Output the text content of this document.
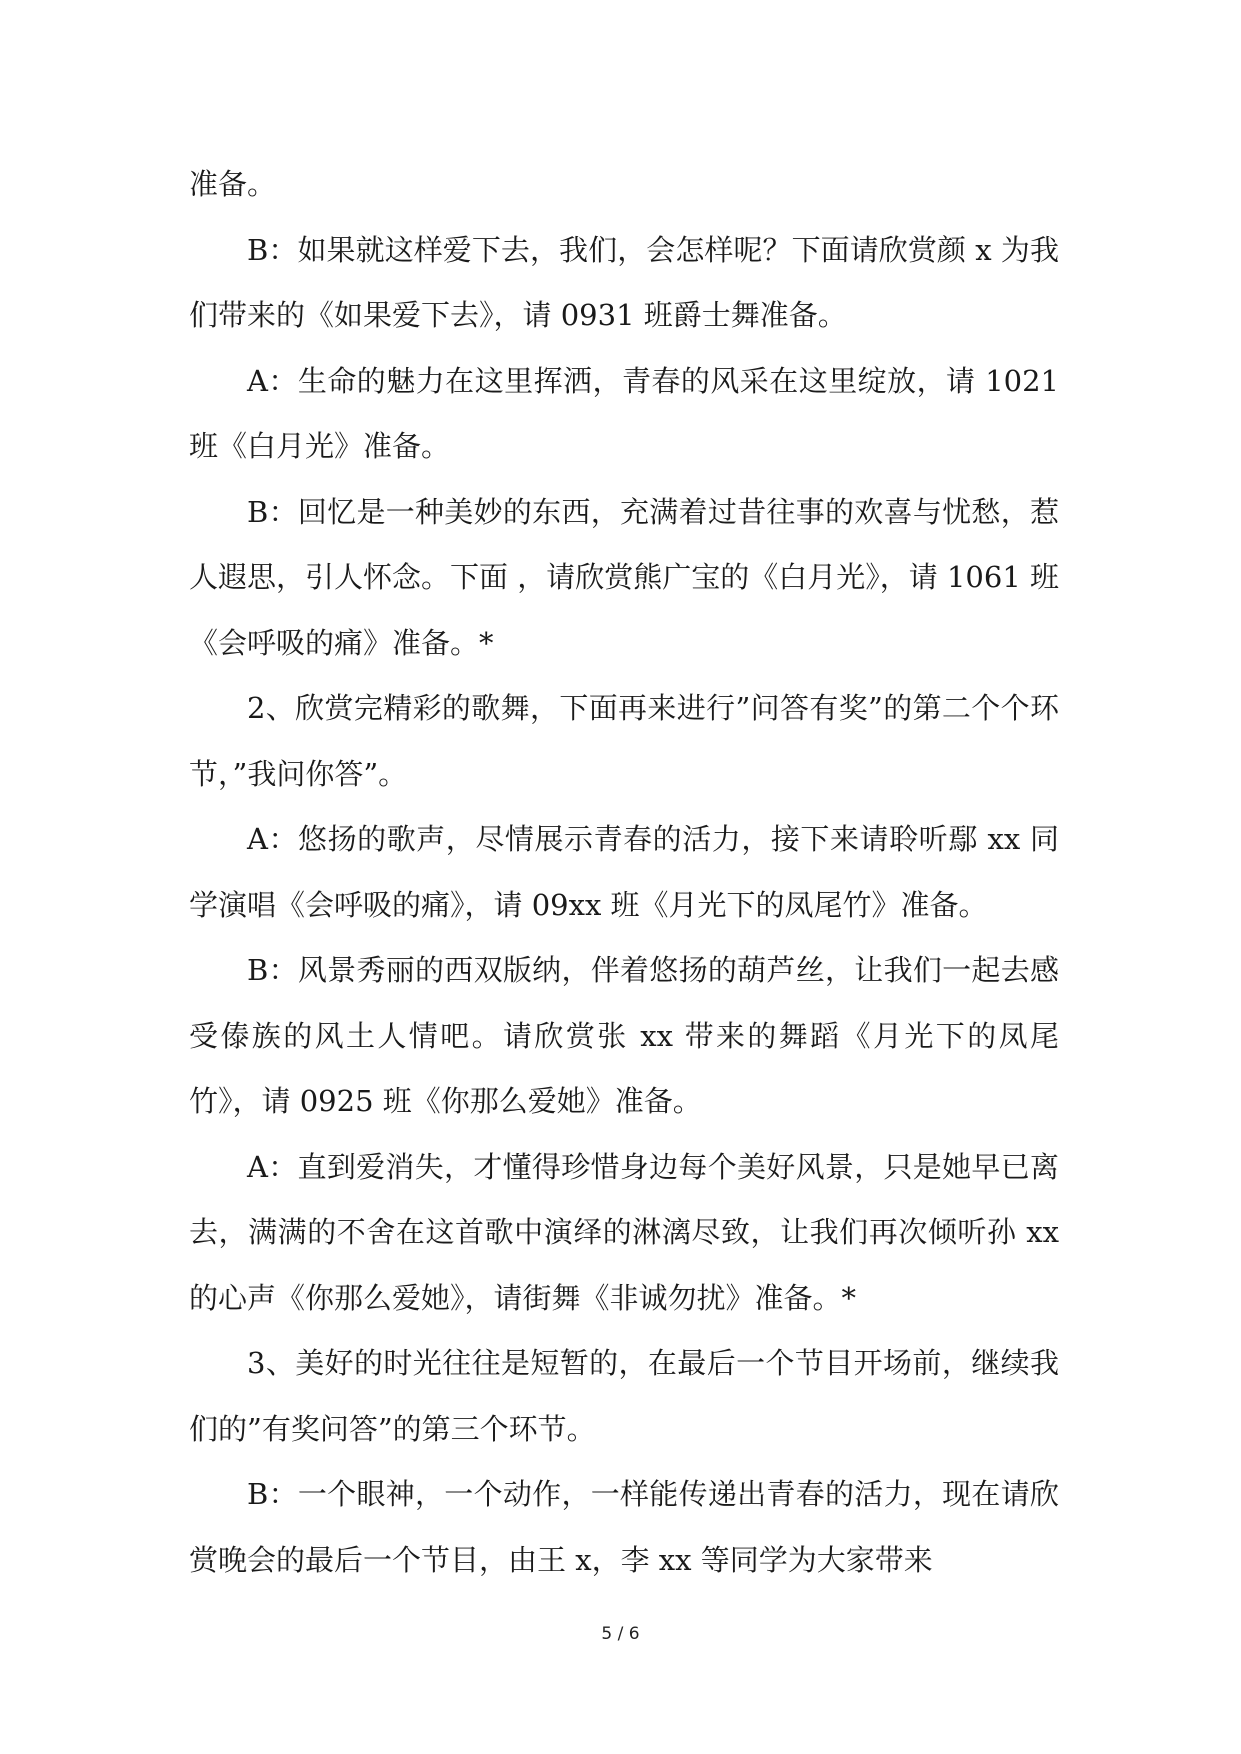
准备。

B：如果就这样爱下去，我们，会怎样呢？下面请欣赏颜 x 为我们带来的《如果爱下去》，请 0931 班爵士舞准备。

A：生命的魅力在这里挥洒，青春的风采在这里绽放，请 1021 班《白月光》准备。

B：回忆是一种美妙的东西，充满着过昔往事的欢喜与忧愁，惹人遐思，引人怀念。下面 ，请欣赏熊广宝的《白月光》，请 1061 班《会呼吸的痛》准备。*

2、欣赏完精彩的歌舞，下面再来进行”问答有奖”的第二个个环节，”我问你答”。

A：悠扬的歌声，尽情展示青春的活力，接下来请聆听鄢 xx 同学演唱《会呼吸的痛》，请 09xx 班《月光下的凤尾竹》准备。

B：风景秀丽的西双版纳，伴着悠扬的葫芦丝，让我们一起去感受傣族的风土人情吧。请欣赏张 xx 带来的舞蹈《月光下的凤尾竹》，请 0925 班《你那么爱她》准备。

A：直到爱消失，才懂得珍惜身边每个美好风景，只是她早已离去，满满的不舍在这首歌中演绎的淋漓尽致，让我们再次倾听孙 xx 的心声《你那么爱她》，请街舞《非诚勿扰》准备。*

3、美好的时光往往是短暂的，在最后一个节目开场前，继续我们的”有奖问答”的第三个环节。

B：一个眼神，一个动作，一样能传递出青春的活力，现在请欣赏晚会的最后一个节目，由王 x，李 xx 等同学为大家带来

5 / 6
